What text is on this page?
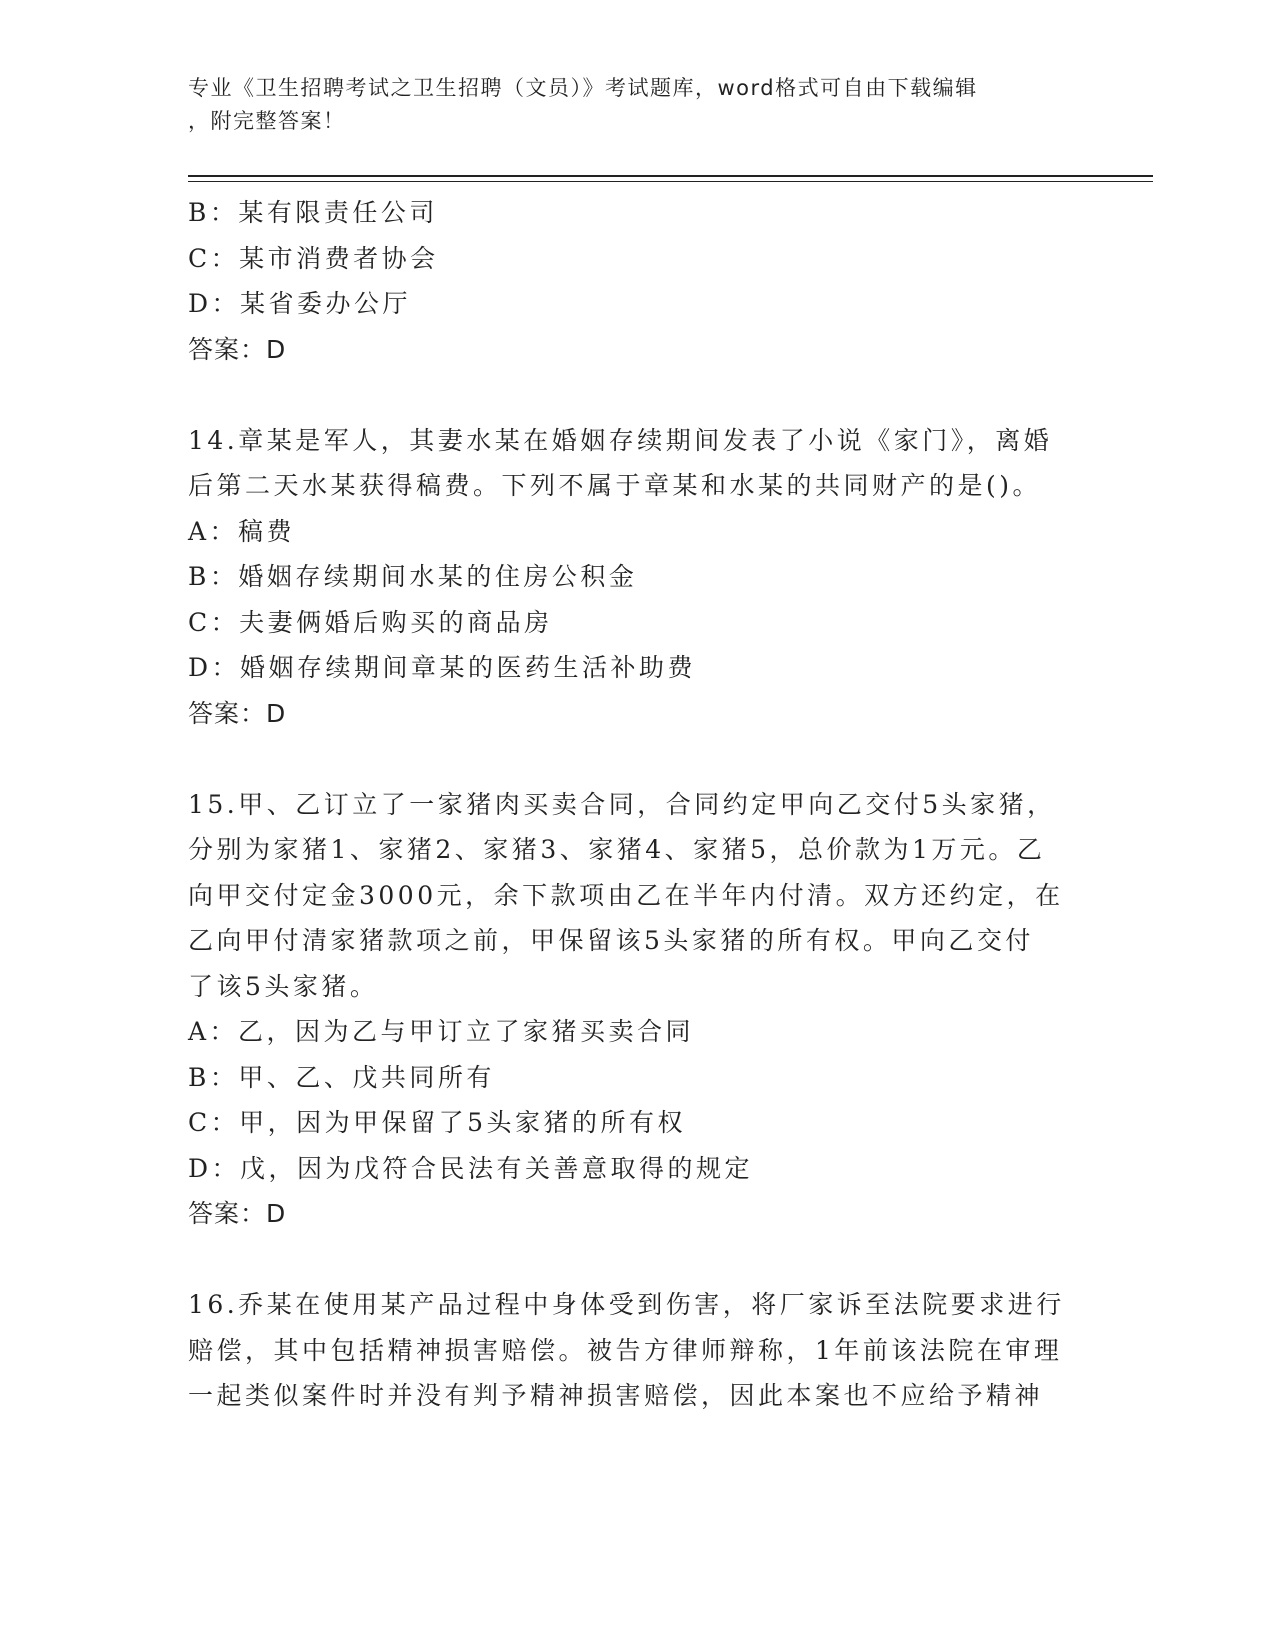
专业《卫生招聘考试之卫生招聘（文员）》考试题库，word格式可自由下载编辑
，附完整答案！
B：某有限责任公司
C：某市消费者协会
D：某省委办公厅
答案：D
14.章某是军人，其妻水某在婚姻存续期间发表了小说《家门》，离婚
后第二天水某获得稿费。下列不属于章某和水某的共同财产的是()。
A：稿费
B：婚姻存续期间水某的住房公积金
C：夫妻俩婚后购买的商品房
D：婚姻存续期间章某的医药生活补助费
答案：D
15.甲、乙订立了一家猪肉买卖合同，合同约定甲向乙交付5头家猪，
分别为家猪1、家猪2、家猪3、家猪4、家猪5，总价款为1万元。乙
向甲交付定金3000元，余下款项由乙在半年内付清。双方还约定，在
乙向甲付清家猪款项之前，甲保留该5头家猪的所有权。甲向乙交付
了该5头家猪。
A：乙，因为乙与甲订立了家猪买卖合同
B：甲、乙、戊共同所有
C：甲，因为甲保留了5头家猪的所有权
D：戊，因为戊符合民法有关善意取得的规定
答案：D
16.乔某在使用某产品过程中身体受到伤害，将厂家诉至法院要求进行
赔偿，其中包括精神损害赔偿。被告方律师辩称，1年前该法院在审理
一起类似案件时并没有判予精神损害赔偿，因此本案也不应给予精神
